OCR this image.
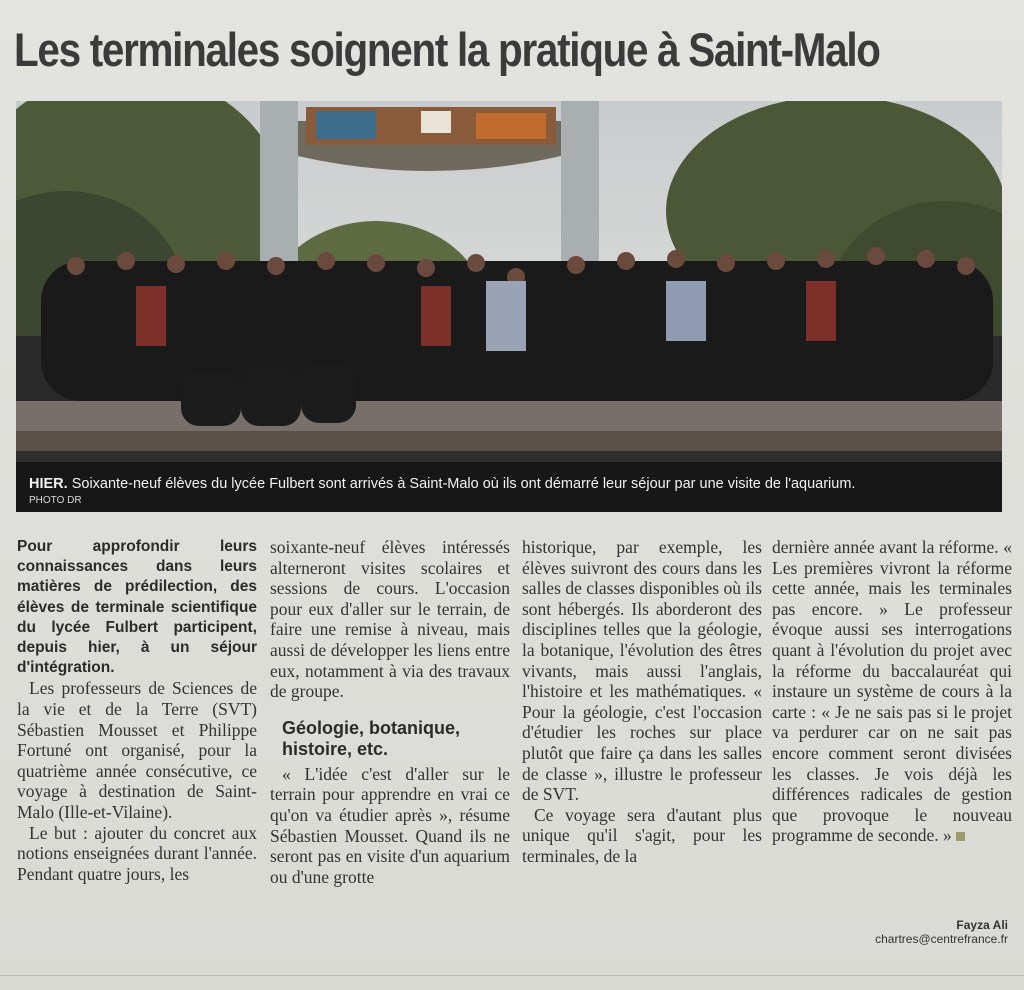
Les terminales soignent la pratique à Saint-Malo
HIER. Soixante-neuf élèves du lycée Fulbert sont arrivés à Saint-Malo où ils ont démarré leur séjour par une visite de l'aquarium.
PHOTO DR

Pour approfondir leurs connaissances dans leurs matières de prédilection, des élèves de terminale scientifique du lycée Fulbert participent, depuis hier, à un séjour d'intégration.

Les professeurs de Sciences de la vie et de la Terre (SVT) Sébastien Mousset et Philippe Fortuné ont organisé, pour la quatrième année consécutive, ce voyage à destination de Saint-Malo (Ille-et-Vilaine).

Le but : ajouter du concret aux notions enseignées durant l'année. Pendant quatre jours, les

soixante-neuf élèves intéressés alterneront visites scolaires et sessions de cours. L'occasion pour eux d'aller sur le terrain, de faire une remise à niveau, mais aussi de développer les liens entre eux, notamment à via des travaux de groupe.

Géologie, botanique, histoire, etc.

« L'idée c'est d'aller sur le terrain pour apprendre en vrai ce qu'on va étudier après », résume Sébastien Mousset. Quand ils ne seront pas en visite d'un aquarium ou d'une grotte

historique, par exemple, les élèves suivront des cours dans les salles de classes disponibles où ils sont hébergés. Ils aborderont des disciplines telles que la géologie, la botanique, l'évolution des êtres vivants, mais aussi l'anglais, l'histoire et les mathématiques. « Pour la géologie, c'est l'occasion d'étudier les roches sur place plutôt que faire ça dans les salles de classe », illustre le professeur de SVT.

Ce voyage sera d'autant plus unique qu'il s'agit, pour les terminales, de la

dernière année avant la réforme. « Les premières vivront la réforme cette année, mais les terminales pas encore. » Le professeur évoque aussi ses interrogations quant à l'évolution du projet avec la réforme du baccalauréat qui instaure un système de cours à la carte : « Je ne sais pas si le projet va perdurer car on ne sait pas encore comment seront divisées les classes. Je vois déjà les différences radicales de gestion que provoque le nouveau programme de seconde. »

Fayza Ali
chartres@centrefrance.fr
